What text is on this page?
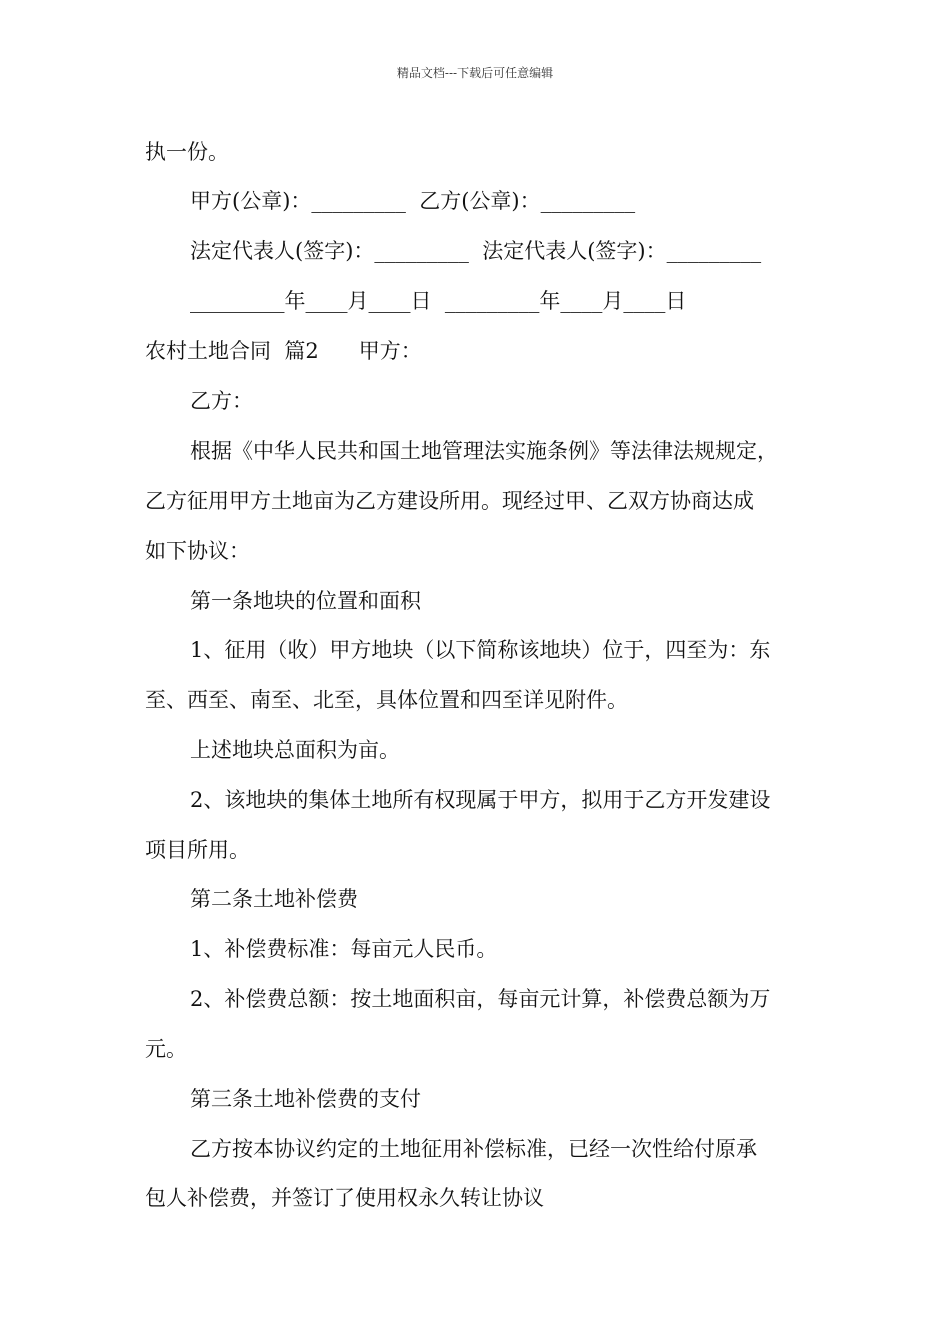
精品文档---下载后可任意编辑
执一份。
甲方(公章)：_________  乙方(公章)：_________
法定代表人(签字)：_________  法定代表人(签字)：_________
_________年____月____日  _________年____月____日
农村土地合同  篇2      甲方：
乙方：
根据《中华人民共和国土地管理法实施条例》等法律法规规定，
乙方征用甲方土地亩为乙方建设所用。现经过甲、乙双方协商达成
如下协议：
第一条地块的位置和面积
1、征用（收）甲方地块（以下简称该地块）位于，四至为：东
至、西至、南至、北至，具体位置和四至详见附件。
上述地块总面积为亩。
2、该地块的集体土地所有权现属于甲方，拟用于乙方开发建设
项目所用。
第二条土地补偿费
1、补偿费标准：每亩元人民币。
2、补偿费总额：按土地面积亩，每亩元计算，补偿费总额为万
元。
第三条土地补偿费的支付
乙方按本协议约定的土地征用补偿标准，已经一次性给付原承
包人补偿费，并签订了使用权永久转让协议
